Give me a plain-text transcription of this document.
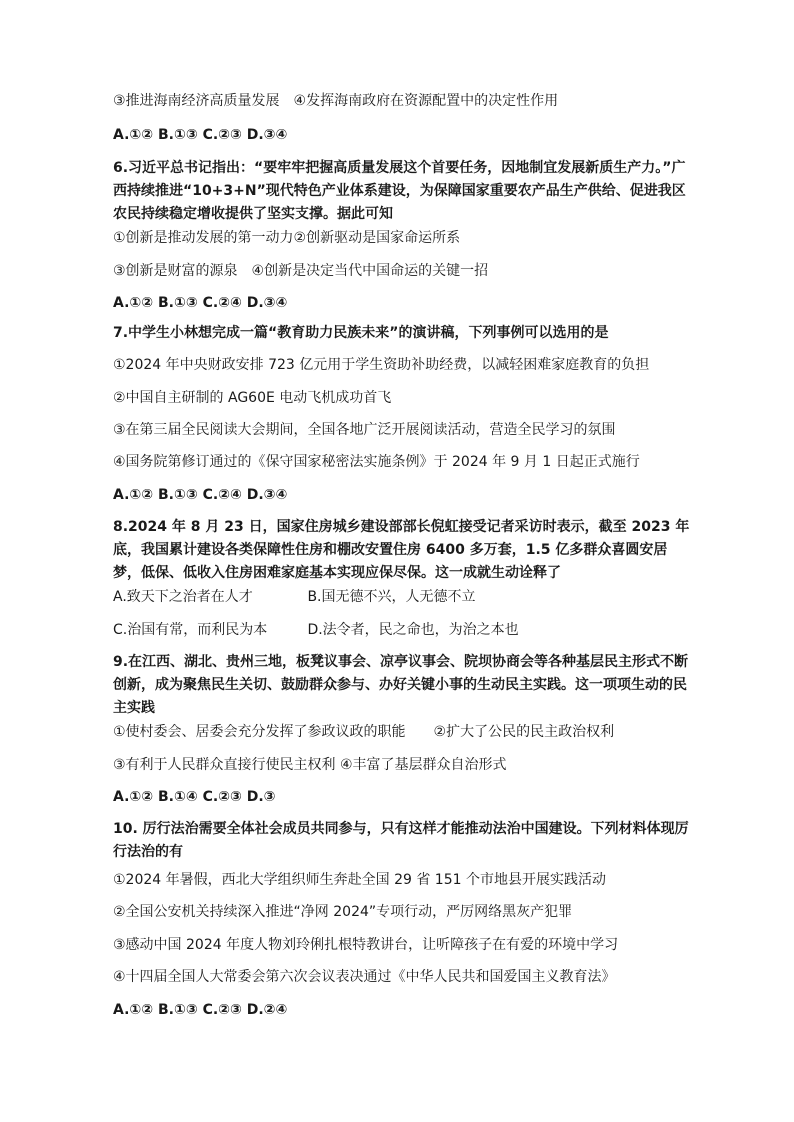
③推进海南经济高质量发展　④发挥海南政府在资源配置中的决定性作用
A.①② B.①③ C.②③ D.③④
6.习近平总书记指出：“要牢牢把握高质量发展这个首要任务，因地制宜发展新质生产力。”广西持续推进“10+3+N”现代特色产业体系建设，为保障国家重要农产品生产供给、促进我区农民持续稳定增收提供了坚实支撑。据此可知
①创新是推动发展的第一动力②创新驱动是国家命运所系
③创新是财富的源泉　④创新是决定当代中国命运的关键一招
A.①② B.①③ C.②④ D.③④
7.中学生小林想完成一篇“教育助力民族未来”的演讲稿，下列事例可以选用的是
①2024 年中央财政安排 723 亿元用于学生资助补助经费，以减轻困难家庭教育的负担
②中国自主研制的 AG60E 电动飞机成功首飞
③在第三届全民阅读大会期间，全国各地广泛开展阅读活动，营造全民学习的氛围
④国务院第修订通过的《保守国家秘密法实施条例》于 2024 年 9 月 1 日起正式施行
A.①② B.①③ C.②④ D.③④
8.2024 年 8 月 23 日，国家住房城乡建设部部长倪虹接受记者采访时表示，截至 2023 年底，我国累计建设各类保障性住房和棚改安置住房 6400 多万套，1.5 亿多群众喜圆安居梦，低保、低收入住房困难家庭基本实现应保尽保。这一成就生动诠释了
A.致天下之治者在人才	B.国无德不兴，人无德不立
C.治国有常，而利民为本	D.法令者，民之命也，为治之本也
9.在江西、湖北、贵州三地，板凳议事会、凉亭议事会、院坝协商会等各种基层民主形式不断创新，成为聚焦民生关切、鼓励群众参与、办好关键小事的生动民主实践。这一项项生动的民主实践
①使村委会、居委会充分发挥了参政议政的职能　　②扩大了公民的民主政治权利
③有利于人民群众直接行使民主权利 ④丰富了基层群众自治形式
A.①② B.①④ C.②③ D.③
10. 厉行法治需要全体社会成员共同参与，只有这样才能推动法治中国建设。下列材料体现厉行法治的有
①2024 年暑假，西北大学组织师生奔赴全国 29 省 151 个市地县开展实践活动
②全国公安机关持续深入推进“净网 2024”专项行动，严厉网络黑灰产犯罪
③感动中国 2024 年度人物刘玲俐扎根特教讲台，让听障孩子在有爱的环境中学习
④十四届全国人大常委会第六次会议表决通过《中华人民共和国爱国主义教育法》
A.①② B.①③ C.②③ D.②④
